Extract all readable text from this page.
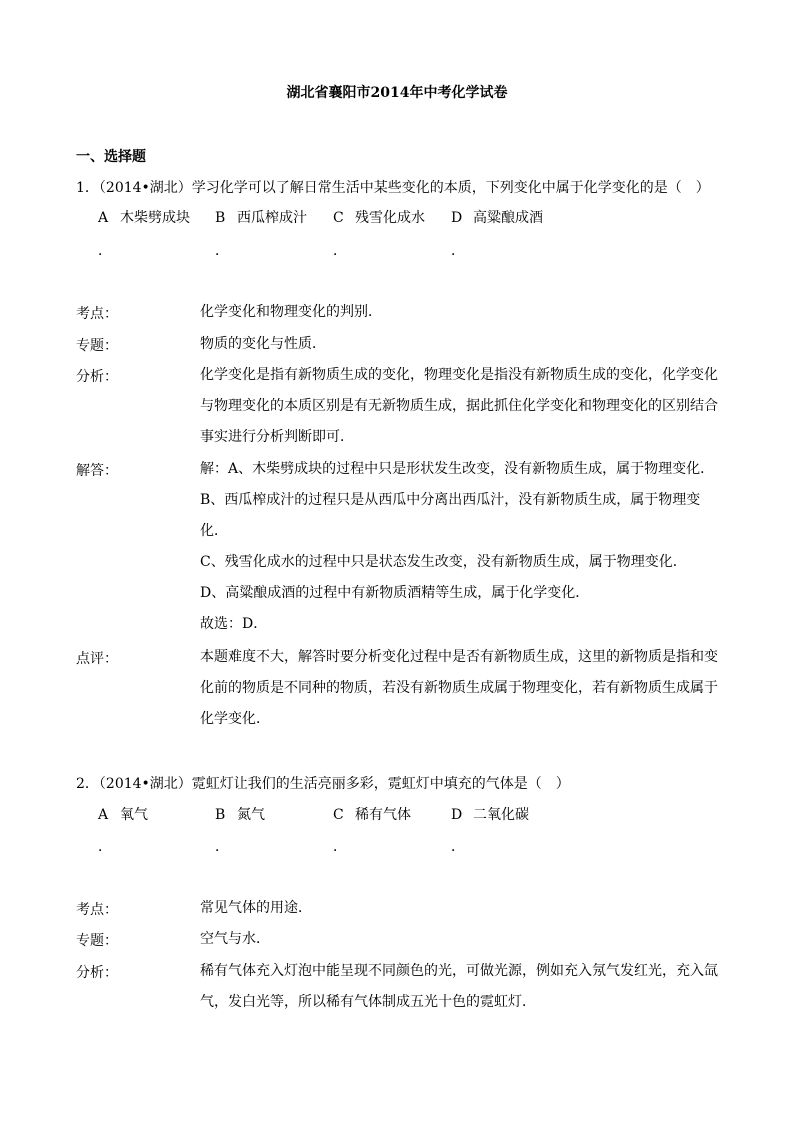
湖北省襄阳市2014年中考化学试卷
一、选择题
1．（2014•湖北）学习化学可以了解日常生活中某些变化的本质，下列变化中属于化学变化的是（　）
A 木柴劈成块 B 西瓜榨成汁 C 残雪化成水 D 高粱酿成酒
．	．	．	．
考点：	化学变化和物理变化的判别．
专题：	物质的变化与性质．
分析：	化学变化是指有新物质生成的变化，物理变化是指没有新物质生成的变化，化学变化

与物理变化的本质区别是有无新物质生成，据此抓住化学变化和物理变化的区别结合

事实进行分析判断即可．

解答：	解：A、木柴劈成块的过程中只是形状发生改变，没有新物质生成，属于物理变化．

B、西瓜榨成汁的过程只是从西瓜中分离出西瓜汁，没有新物质生成，属于物理变

化．

C、残雪化成水的过程中只是状态发生改变，没有新物质生成，属于物理变化．

D、高粱酿成酒的过程中有新物质酒精等生成，属于化学变化．

故选：D．

点评：	本题难度不大，解答时要分析变化过程中是否有新物质生成，这里的新物质是指和变

化前的物质是不同种的物质，若没有新物质生成属于物理变化，若有新物质生成属于

化学变化．

2．（2014•湖北）霓虹灯让我们的生活亮丽多彩，霓虹灯中填充的气体是（　）
A 氧气	B 氮气	C 稀有气体	D 二氧化碳
．	．	．	．
考点：	常见气体的用途．
专题：	空气与水．
分析：	稀有气体充入灯泡中能呈现不同颜色的光，可做光源，例如充入氖气发红光，充入氙

气，发白光等，所以稀有气体制成五光十色的霓虹灯．
